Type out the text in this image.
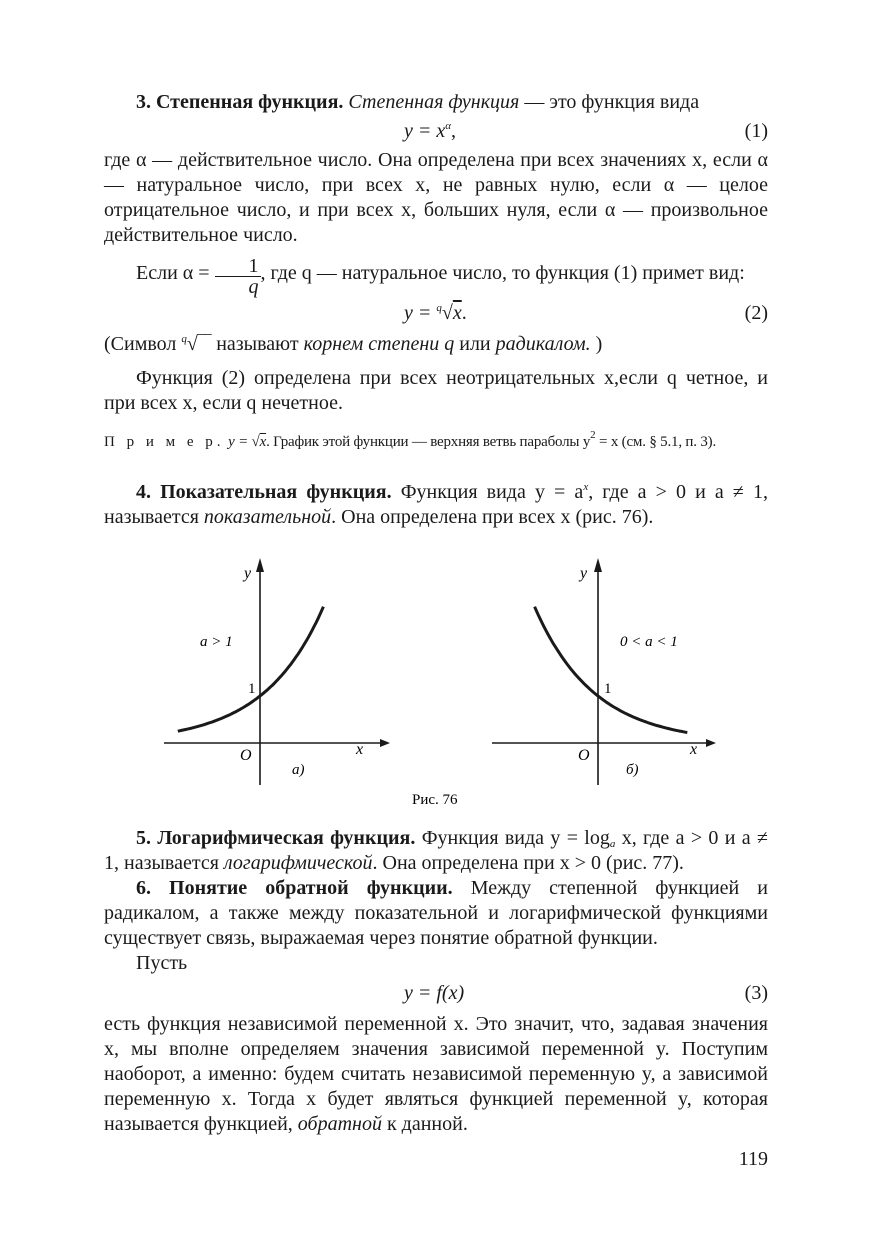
3. Степенная функция. Степенная функция — это функция вида
$y = x^\alpha$,	(1)
где α — действительное число. Она определена при всех значениях x, если α — натуральное число, при всех x, не равных нулю, если α — целое отрицательное число, и при всех x, больших нуля, если α — произвольное действительное число.
Если $\alpha = \frac{1}{q}$ , где q — натуральное число, то функция (1) примет вид:
y = $^q$√x.	(2)
(Символ $^q$√‾‾ называют корнем степени q или радикалом. )
Функция (2) определена при всех неотрицательных x,если q четное, и при всех x, если q нечетное.
П р и м е р. y = √x. График этой функции — верхняя ветвь параболы $y^2 = x$ (см. § 5.1, п. 3).
4. Показательная функция. Функция вида $y = a^x$, где a > 0 и a ≠ 1, называется показательной. Она определена при всех x (рис. 76).
y
x
O
1
a > 1
а)
y
x
O
1
0 < a < 1
б)
Рис. 76
5. Логарифмическая функция. Функция вида $y = \log_a x$, где a > 0 и a ≠ 1, называется логарифмической. Она определена при x > 0 (рис. 77).
6. Понятие обратной функции. Между степенной функцией и радикалом, а также между показательной и логарифмической функциями существует связь, выражаемая через понятие обратной функции.
Пусть
y = f(x)	(3)
есть функция независимой переменной x. Это значит, что, задавая значения x, мы вполне определяем значения зависимой переменной y. Поступим наоборот, а именно: будем считать независимой переменную y, а зависимой переменную x. Тогда x будет являться функцией переменной y, которая называется функцией, обратной к данной.
119
